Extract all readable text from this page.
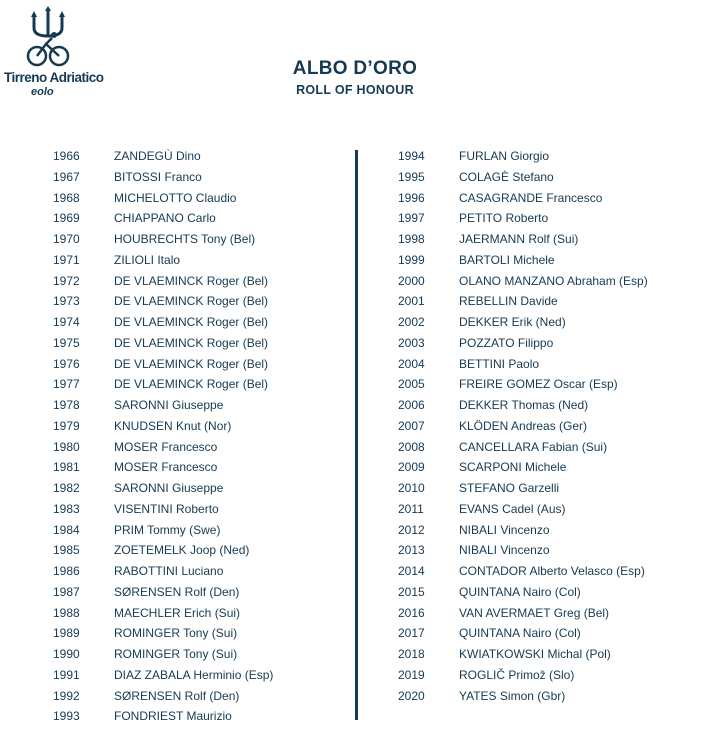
Tirreno Adriatico
eolo
ALBO D’ORO
ROLL OF HONOUR
1966	ZANDEGÙ Dino
1967	BITOSSI Franco
1968	MICHELOTTO Claudio
1969	CHIAPPANO Carlo
1970	HOUBRECHTS Tony (Bel)
1971	ZILIOLI Italo
1972	DE VLAEMINCK Roger (Bel)
1973	DE VLAEMINCK Roger (Bel)
1974	DE VLAEMINCK Roger (Bel)
1975	DE VLAEMINCK Roger (Bel)
1976	DE VLAEMINCK Roger (Bel)
1977	DE VLAEMINCK Roger (Bel)
1978	SARONNI Giuseppe
1979	KNUDSEN Knut (Nor)
1980	MOSER Francesco
1981	MOSER Francesco
1982	SARONNI Giuseppe
1983	VISENTINI Roberto
1984	PRIM Tommy (Swe)
1985	ZOETEMELK Joop (Ned)
1986	RABOTTINI Luciano
1987	SØRENSEN Rolf (Den)
1988	MAECHLER Erich (Sui)
1989	ROMINGER Tony (Sui)
1990	ROMINGER Tony (Sui)
1991	DIAZ ZABALA Herminio (Esp)
1992	SØRENSEN Rolf (Den)
1993	FONDRIEST Maurizio
1994	FURLAN Giorgio
1995	COLAGÈ Stefano
1996	CASAGRANDE Francesco
1997	PETITO Roberto
1998	JAERMANN Rolf (Sui)
1999	BARTOLI Michele
2000	OLANO MANZANO Abraham (Esp)
2001	REBELLIN Davide
2002	DEKKER Erik (Ned)
2003	POZZATO Filippo
2004	BETTINI Paolo
2005	FREIRE GOMEZ Oscar (Esp)
2006	DEKKER Thomas (Ned)
2007	KLÖDEN Andreas (Ger)
2008	CANCELLARA Fabian (Sui)
2009	SCARPONI Michele
2010	STEFANO Garzelli
2011	EVANS Cadel (Aus)
2012	NIBALI Vincenzo
2013	NIBALI Vincenzo
2014	CONTADOR Alberto Velasco (Esp)
2015	QUINTANA Nairo (Col)
2016	VAN AVERMAET Greg (Bel)
2017	QUINTANA Nairo (Col)
2018	KWIATKOWSKI Michal (Pol)
2019	ROGLIČ Primož (Slo)
2020	YATES Simon (Gbr)
